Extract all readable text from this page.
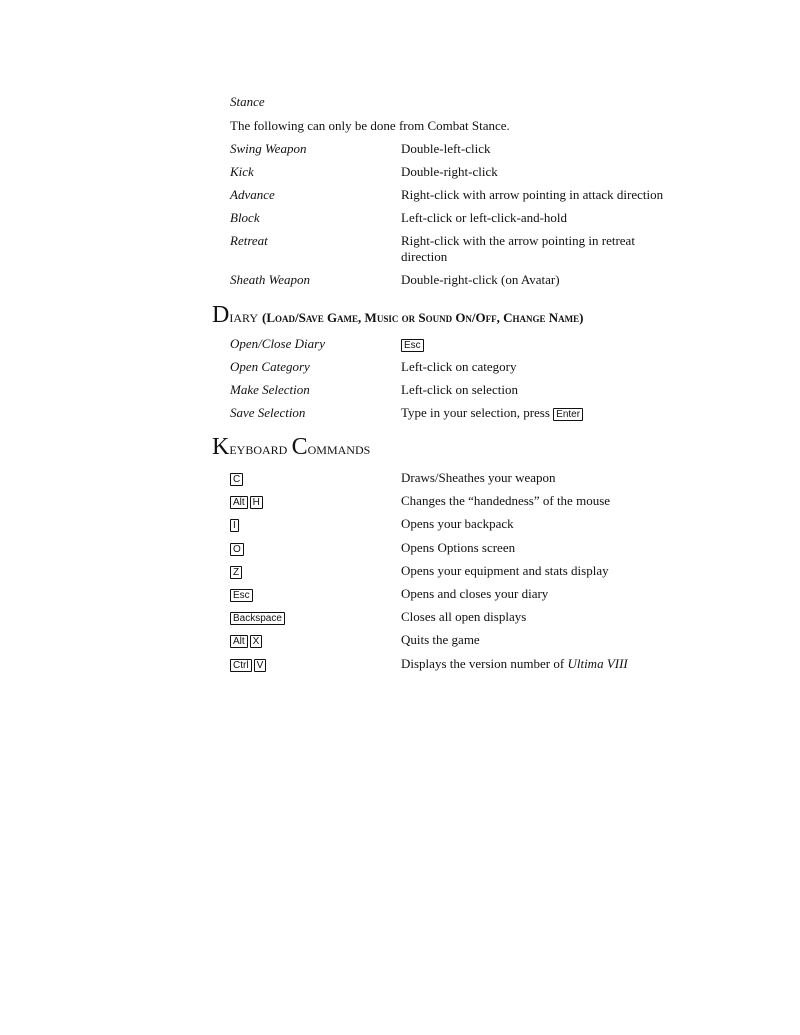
Stance
The following can only be done from Combat Stance.
Swing Weapon	Double-left-click
Kick	Double-right-click
Advance	Right-click with arrow pointing in attack direction
Block	Left-click or left-click-and-hold
Retreat	Right-click with the arrow pointing in retreat direction
Sheath Weapon	Double-right-click (on Avatar)
Diary (Load/Save Game, Music or Sound On/Off, Change Name)
Open/Close Diary	Esc
Open Category	Left-click on category
Make Selection	Left-click on selection
Save Selection	Type in your selection, press Enter
Keyboard Commands
C	Draws/Sheathes your weapon
Alt H	Changes the “handedness” of the mouse
I	Opens your backpack
O	Opens Options screen
Z	Opens your equipment and stats display
Esc	Opens and closes your diary
Backspace	Closes all open displays
Alt X	Quits the game
Ctrl V	Displays the version number of Ultima VIII
